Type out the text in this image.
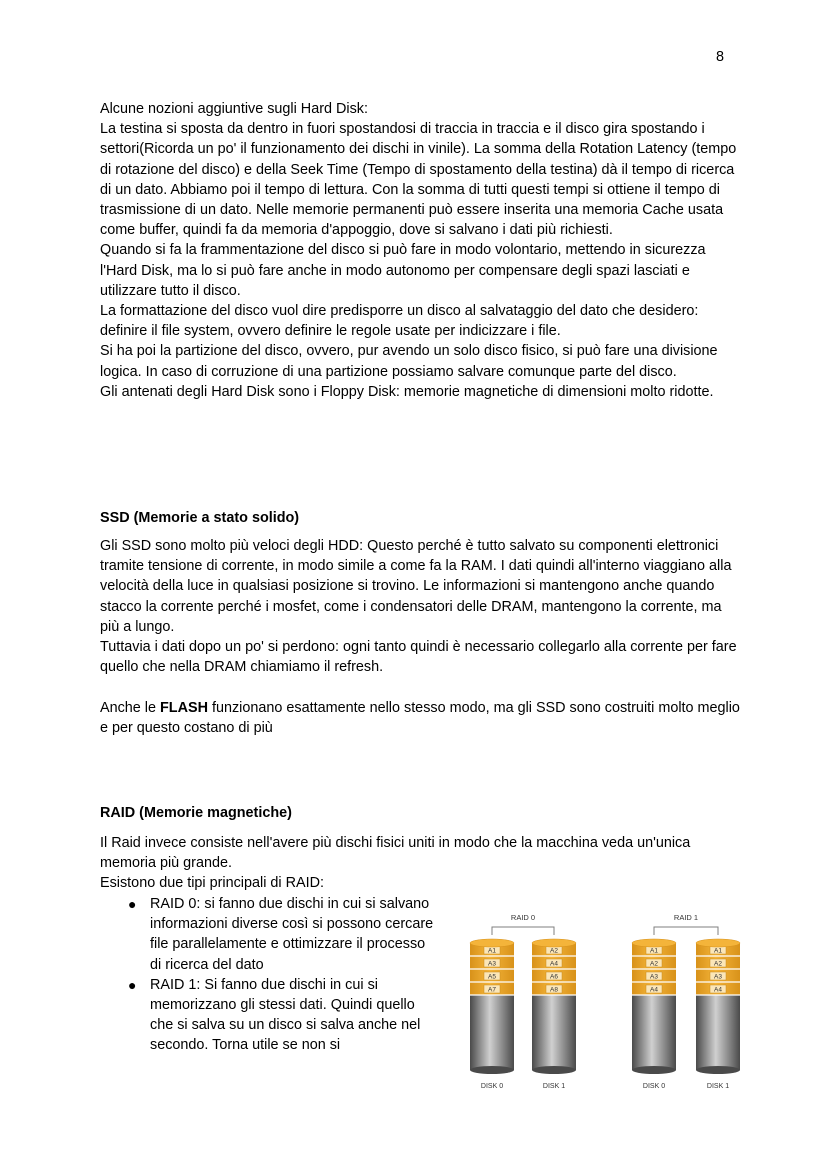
8

Alcune nozioni aggiuntive sugli Hard Disk:

La testina si sposta da dentro in fuori spostandosi di traccia in traccia e il disco gira spostando i settori(Ricorda un po' il funzionamento dei dischi in vinile). La somma della Rotation Latency (tempo di rotazione del disco) e della Seek Time (Tempo di spostamento della testina) dà il tempo di ricerca di un dato. Abbiamo poi il tempo di lettura. Con la somma di tutti questi tempi si ottiene il tempo di trasmissione di un dato. Nelle memorie permanenti può essere inserita una memoria Cache usata come buffer, quindi fa da memoria d'appoggio, dove si salvano i dati più richiesti.

Quando si fa la frammentazione del disco si può fare in modo volontario, mettendo in sicurezza l'Hard Disk, ma lo si può fare anche in modo autonomo per compensare degli spazi lasciati e utilizzare tutto il disco.

La formattazione del disco vuol dire predisporre un disco al salvataggio del dato che desidero: definire il file system, ovvero definire le regole usate per indicizzare i file.

Si ha poi la partizione del disco, ovvero, pur avendo un solo disco fisico, si può fare una divisione logica. In caso di corruzione di una partizione possiamo salvare comunque parte del disco.

Gli antenati degli Hard Disk sono i Floppy Disk: memorie magnetiche di dimensioni molto ridotte.

SSD (Memorie a stato solido)

Gli SSD sono molto più veloci degli HDD: Questo perché è tutto salvato su componenti elettronici tramite tensione di corrente, in modo simile a come fa la RAM. I dati quindi all'interno viaggiano alla velocità della luce in qualsiasi posizione si trovino. Le informazioni si mantengono anche quando stacco la corrente perché i mosfet, come i condensatori delle DRAM, mantengono la corrente, ma più a lungo.

Tuttavia i dati dopo un po' si perdono: ogni tanto quindi è necessario collegarlo alla corrente per fare quello che nella DRAM chiamiamo il refresh.

Anche le FLASH funzionano esattamente nello stesso modo, ma gli SSD sono costruiti molto meglio e per questo costano di più

RAID (Memorie magnetiche)

Il Raid invece consiste nell'avere più dischi fisici uniti in modo che la macchina veda un'unica memoria più grande.

Esistono due tipi principali di RAID:

● RAID 0: si fanno due dischi in cui si salvano informazioni diverse così si possono cercare file parallelamente e ottimizzare il processo di ricerca del dato
● RAID 1: Si fanno due dischi in cui si memorizzano gli stessi dati. Quindi quello che si salva su un disco si salva anche nel secondo. Torna utile se non si
RAID 0
A1
A3
A5
A7
DISK 0
A2
A4
A6
A8
DISK 1
RAID 1
A1
A2
A3
A4
DISK 0
A1
A2
A3
A4
DISK 1
